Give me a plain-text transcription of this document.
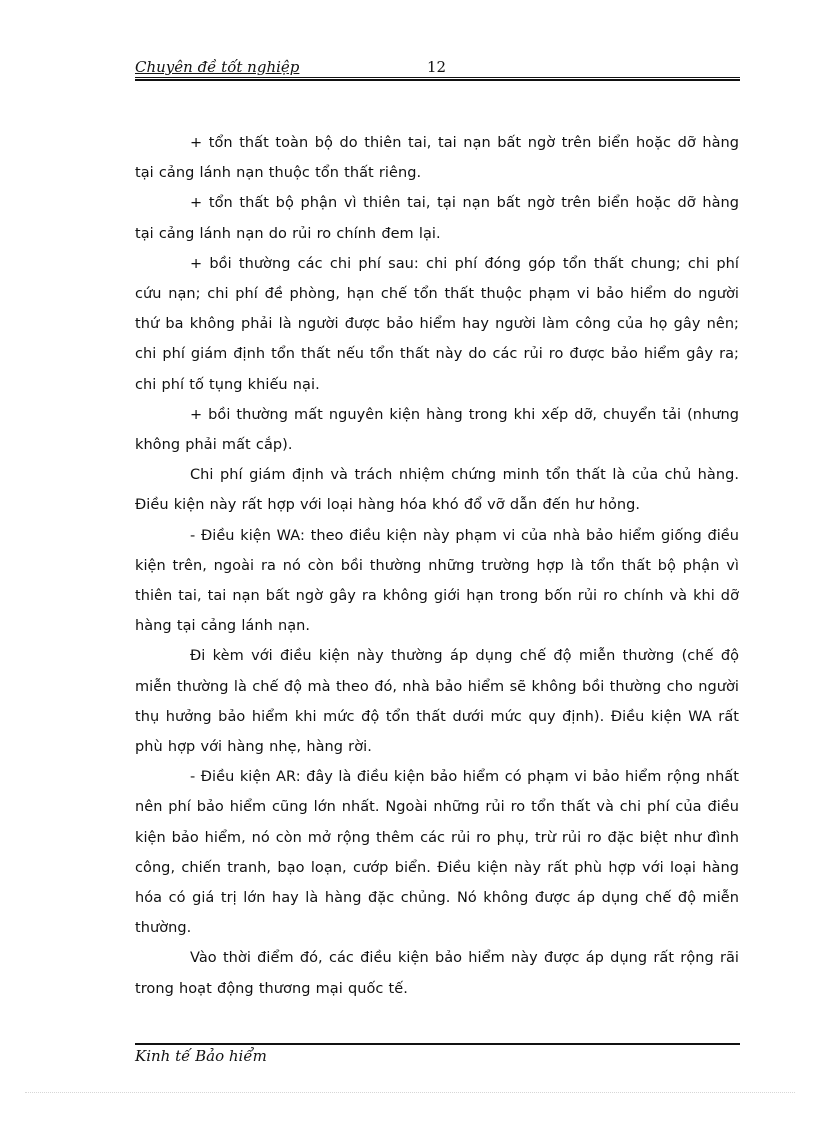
Chuyên đề tốt nghiệp	12

+ tổn thất toàn bộ do thiên tai, tai nạn bất ngờ trên biển hoặc dỡ hàng tại cảng lánh nạn thuộc tổn thất riêng.

+ tổn thất bộ phận vì thiên tai, tại nạn bất ngờ trên biển hoặc dỡ hàng tại cảng lánh nạn do rủi ro chính đem lại.

+ bồi thường các chi phí sau: chi phí đóng góp tổn thất chung; chi phí cứu nạn; chi phí đề phòng, hạn chế tổn thất thuộc phạm vi bảo hiểm do người thứ ba không phải là người được bảo hiểm hay người làm công của họ gây nên; chi phí giám định tổn thất nếu tổn thất này do các rủi ro được bảo hiểm gây ra; chi phí tố tụng khiếu nại.

+ bồi thường mất nguyên kiện hàng trong khi xếp dỡ, chuyển tải (nhưng không phải mất cắp).

Chi phí giám định và trách nhiệm chứng minh tổn thất là của chủ hàng. Điều kiện này rất hợp với loại hàng hóa khó đổ vỡ dẫn đến hư hỏng.

- Điều kiện WA: theo điều kiện này phạm vi của nhà bảo hiểm giống điều kiện trên, ngoài ra nó còn bồi thường những trường hợp là tổn thất bộ phận vì thiên tai, tai nạn bất ngờ gây ra không giới hạn trong bốn rủi ro chính và khi dỡ hàng tại cảng lánh nạn.

Đi kèm với điều kiện này thường áp dụng chế độ miễn thường (chế độ miễn thường là chế độ mà theo đó, nhà bảo hiểm sẽ không bồi thường cho người thụ hưởng bảo hiểm khi mức độ tổn thất dưới mức quy định). Điều kiện WA rất phù hợp với hàng nhẹ, hàng rời.

- Điều kiện AR: đây là điều kiện bảo hiểm có phạm vi bảo hiểm rộng nhất nên phí bảo hiểm cũng lớn nhất. Ngoài những rủi ro tổn thất và chi phí của điều kiện bảo hiểm, nó còn mở rộng thêm các rủi ro phụ, trừ rủi ro đặc biệt như đình công, chiến tranh, bạo loạn, cướp biển. Điều kiện này rất phù hợp với loại hàng hóa có giá trị lớn hay là hàng đặc chủng. Nó không được áp dụng chế độ miễn thường.

Vào thời điểm đó, các điều kiện bảo hiểm này được áp dụng rất rộng rãi trong hoạt động thương mại quốc tế.

Kinh tế Bảo hiểm
